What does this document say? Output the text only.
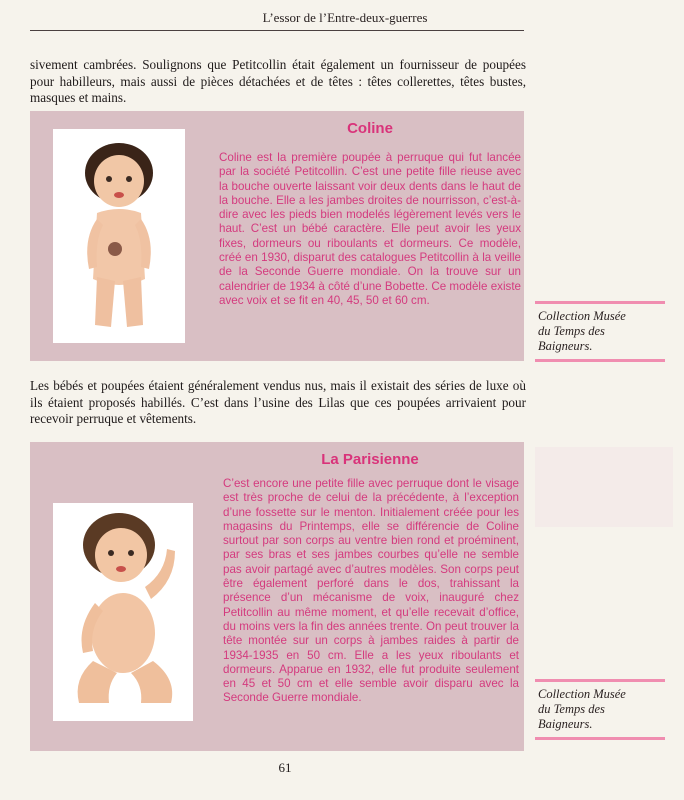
L’essor de l’Entre-deux-guerres

sivement cambrées. Soulignons que Petitcollin était également un fournisseur de poupées pour habilleurs, mais aussi de pièces détachées et de têtes : têtes collerettes, têtes bustes, masques et mains.

Coline

Coline est la première poupée à perruque qui fut lancée par la société Petitcollin. C’est une petite fille rieuse avec la bouche ouverte laissant voir deux dents dans le haut de la bouche. Elle a les jambes droites de nourrisson, c’est-à-dire avec les pieds bien modelés légèrement levés vers le haut. C’est un bébé caractère. Elle peut avoir les yeux fixes, dormeurs ou riboulants et dormeurs. Ce modèle, créé en 1930, disparut des catalogues Petitcollin à la veille de la Seconde Guerre mondiale. On la trouve sur un calendrier de 1934 à côté d’une Bobette. Ce modèle existe avec voix et se fit en 40, 45, 50 et 60 cm.

Collection Musée
du Temps des Baigneurs.

Les bébés et poupées étaient généralement vendus nus, mais il existait des séries de luxe où ils étaient proposés habillés. C’est dans l’usine des Lilas que ces poupées arrivaient pour recevoir perruque et vêtements.

La Parisienne

C’est encore une petite fille avec perruque dont le visage est très proche de celui de la précédente, à l’exception d’une fossette sur le menton. Initialement créée pour les magasins du Printemps, elle se différencie de Coline surtout par son corps au ventre bien rond et proéminent, par ses bras et ses jambes courbes qu’elle ne semble pas avoir partagé avec d’autres modèles. Son corps peut être également perforé dans le dos, trahissant la présence d’un mécanisme de voix, inauguré chez Petitcollin au même moment, et qu’elle recevait d’office, du moins vers la fin des années trente. On peut trouver la tête montée sur un corps à jambes raides à partir de 1934-1935 en 50 cm. Elle a les yeux riboulants et dormeurs. Apparue en 1932, elle fut produite seulement en 45 et 50 cm et elle semble avoir disparu avec la Seconde Guerre mondiale.	Collection Musée
du Temps des Baigneurs.
61
